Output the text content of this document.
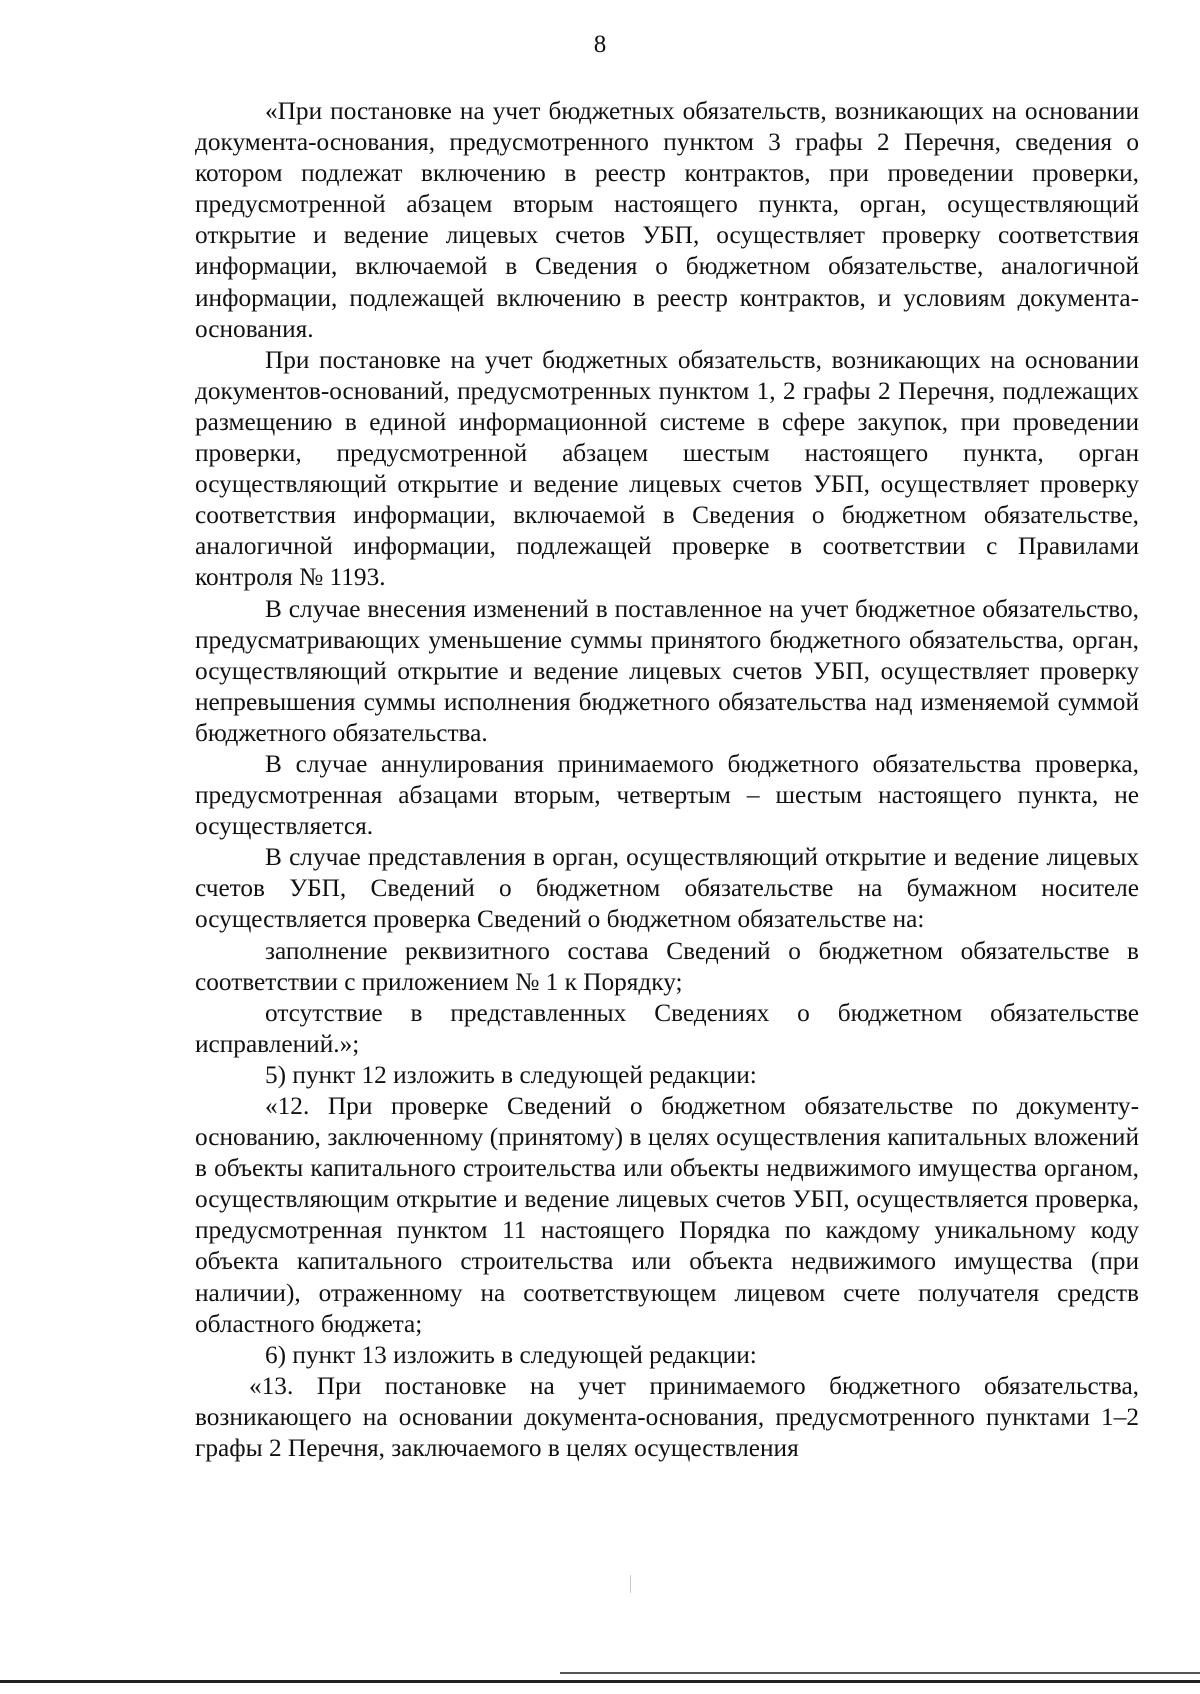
8

«При постановке на учет бюджетных обязательств, возникающих на основании документа-основания, предусмотренного пунктом 3 графы 2 Перечня, сведения о котором подлежат включению в реестр контрактов, при проведении проверки, предусмотренной абзацем вторым настоящего пункта, орган, осуществляющий открытие и ведение лицевых счетов УБП, осуществляет проверку соответствия информации, включаемой в Сведения о бюджетном обязательстве, аналогичной информации, подлежащей включению в реестр контрактов, и условиям документа-основания.

При постановке на учет бюджетных обязательств, возникающих на основании документов-оснований, предусмотренных пунктом 1, 2 графы 2 Перечня, подлежащих размещению в единой информационной системе в сфере закупок, при проведении проверки, предусмотренной абзацем шестым настоящего пункта, орган осуществляющий открытие и ведение лицевых счетов УБП, осуществляет проверку соответствия информации, включаемой в Сведения о бюджетном обязательстве, аналогичной информации, подлежащей проверке в соответствии с Правилами контроля № 1193.

В случае внесения изменений в поставленное на учет бюджетное обязательство, предусматривающих уменьшение суммы принятого бюджетного обязательства, орган, осуществляющий открытие и ведение лицевых счетов УБП, осуществляет проверку непревышения суммы исполнения бюджетного обязательства над изменяемой суммой бюджетного обязательства.

В случае аннулирования принимаемого бюджетного обязательства проверка, предусмотренная абзацами вторым, четвертым – шестым настоящего пункта, не осуществляется.

В случае представления в орган, осуществляющий открытие и ведение лицевых счетов УБП, Сведений о бюджетном обязательстве на бумажном носителе осуществляется проверка Сведений о бюджетном обязательстве на:

заполнение реквизитного состава Сведений о бюджетном обязательстве в соответствии с приложением № 1 к Порядку;

отсутствие в представленных Сведениях о бюджетном обязательстве исправлений.»;

5) пункт 12 изложить в следующей редакции:

«12. При проверке Сведений о бюджетном обязательстве по документу-основанию, заключенному (принятому) в целях осуществления капитальных вложений в объекты капитального строительства или объекты недвижимого имущества органом, осуществляющим открытие и ведение лицевых счетов УБП, осуществляется проверка, предусмотренная пунктом 11 настоящего Порядка по каждому уникальному коду объекта капитального строительства или объекта недвижимого имущества (при наличии), отраженному на соответствующем лицевом счете получателя средств областного бюджета;

6) пункт 13 изложить в следующей редакции:

«13. При постановке на учет принимаемого бюджетного обязательства, возникающего на основании документа-основания, предусмотренного пунктами 1–2 графы 2 Перечня, заключаемого в целях осуществления
